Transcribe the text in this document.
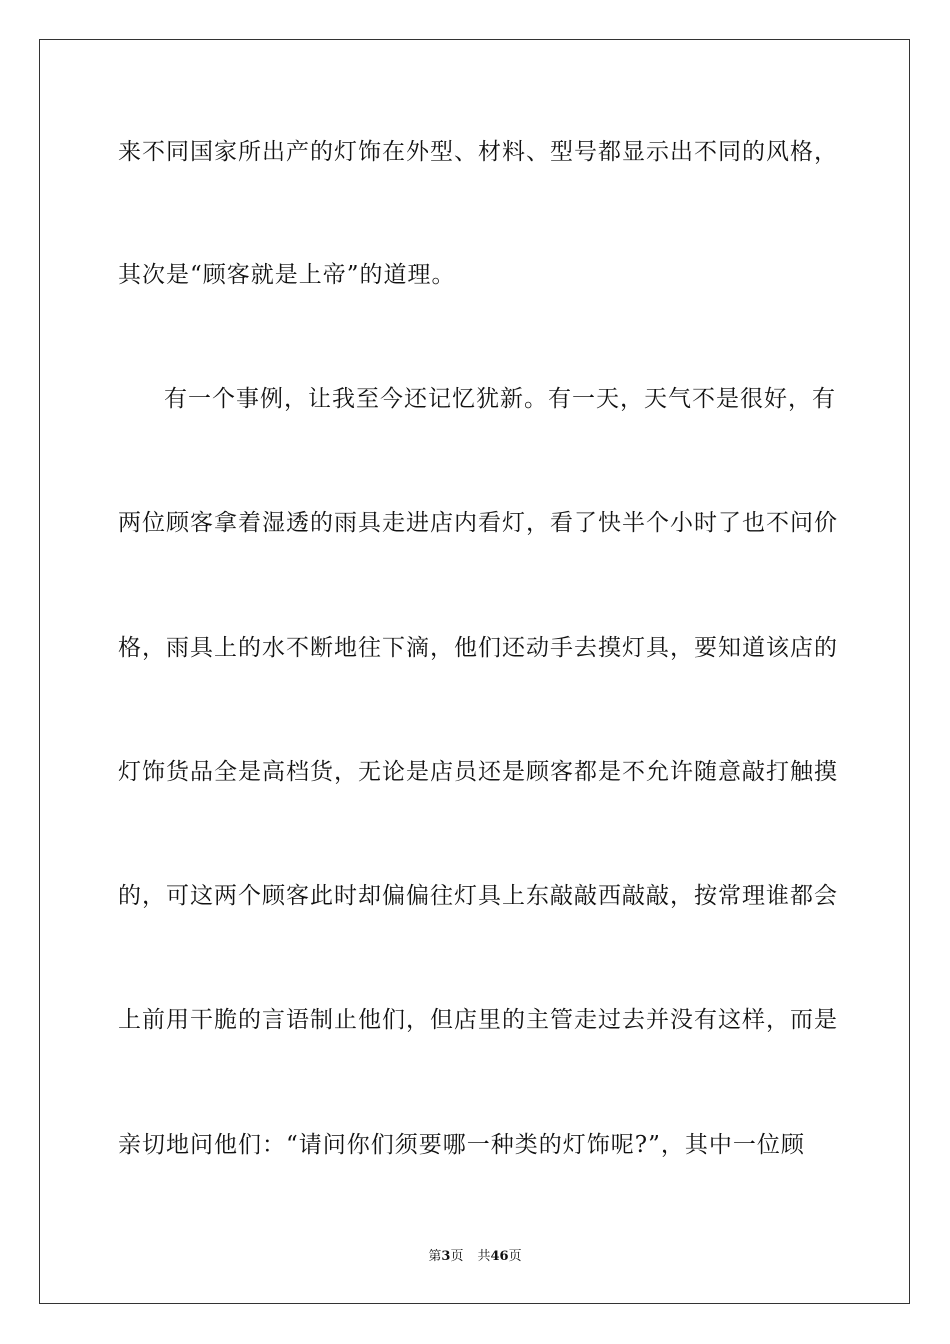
来不同国家所出产的灯饰在外型、材料、型号都显示出不同的风格，
其次是“顾客就是上帝”的道理。
有一个事例，让我至今还记忆犹新。有一天，天气不是很好，有
两位顾客拿着湿透的雨具走进店内看灯，看了快半个小时了也不问价
格，雨具上的水不断地往下滴，他们还动手去摸灯具，要知道该店的
灯饰货品全是高档货，无论是店员还是顾客都是不允许随意敲打触摸
的，可这两个顾客此时却偏偏往灯具上东敲敲西敲敲，按常理谁都会
上前用干脆的言语制止他们，但店里的主管走过去并没有这样，而是
亲切地问他们：“请问你们须要哪一种类的灯饰呢?”，其中一位顾
第3页 共46页
